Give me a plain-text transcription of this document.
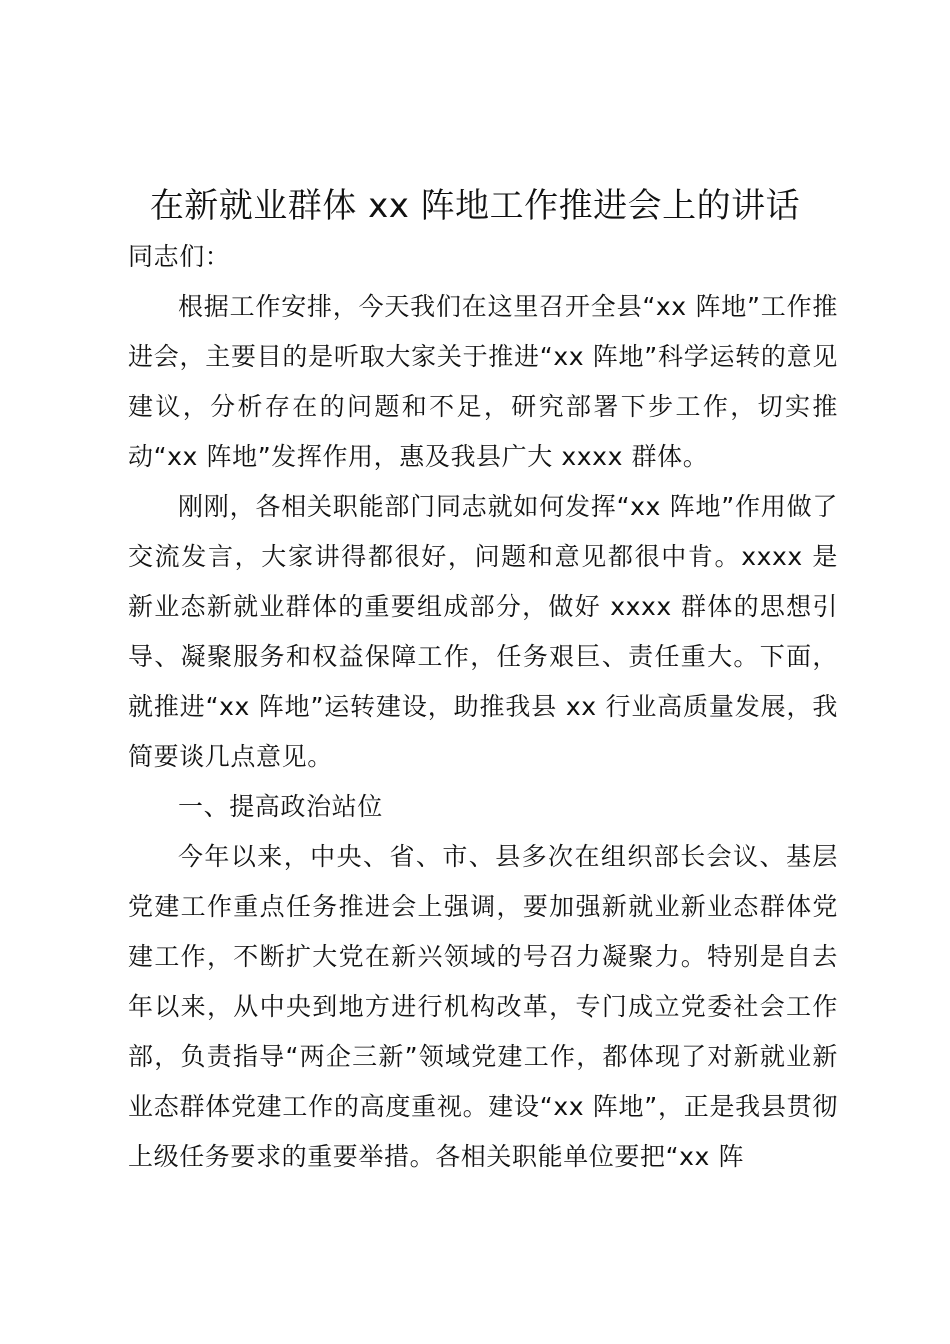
在新就业群体 xx 阵地工作推进会上的讲话

同志们：

根据工作安排，今天我们在这里召开全县“xx 阵地”工作推进会，主要目的是听取大家关于推进“xx 阵地”科学运转的意见建议，分析存在的问题和不足，研究部署下步工作，切实推动“xx 阵地”发挥作用，惠及我县广大 xxxx 群体。

刚刚，各相关职能部门同志就如何发挥“xx 阵地”作用做了交流发言，大家讲得都很好，问题和意见都很中肯。xxxx 是新业态新就业群体的重要组成部分，做好 xxxx 群体的思想引导、凝聚服务和权益保障工作，任务艰巨、责任重大。下面，就推进“xx 阵地”运转建设，助推我县 xx 行业高质量发展，我简要谈几点意见。

一、提高政治站位

今年以来，中央、省、市、县多次在组织部长会议、基层党建工作重点任务推进会上强调，要加强新就业新业态群体党建工作，不断扩大党在新兴领域的号召力凝聚力。特别是自去年以来，从中央到地方进行机构改革，专门成立党委社会工作部，负责指导“两企三新”领域党建工作，都体现了对新就业新业态群体党建工作的高度重视。建设“xx 阵地”，正是我县贯彻上级任务要求的重要举措。各相关职能单位要把“xx 阵
